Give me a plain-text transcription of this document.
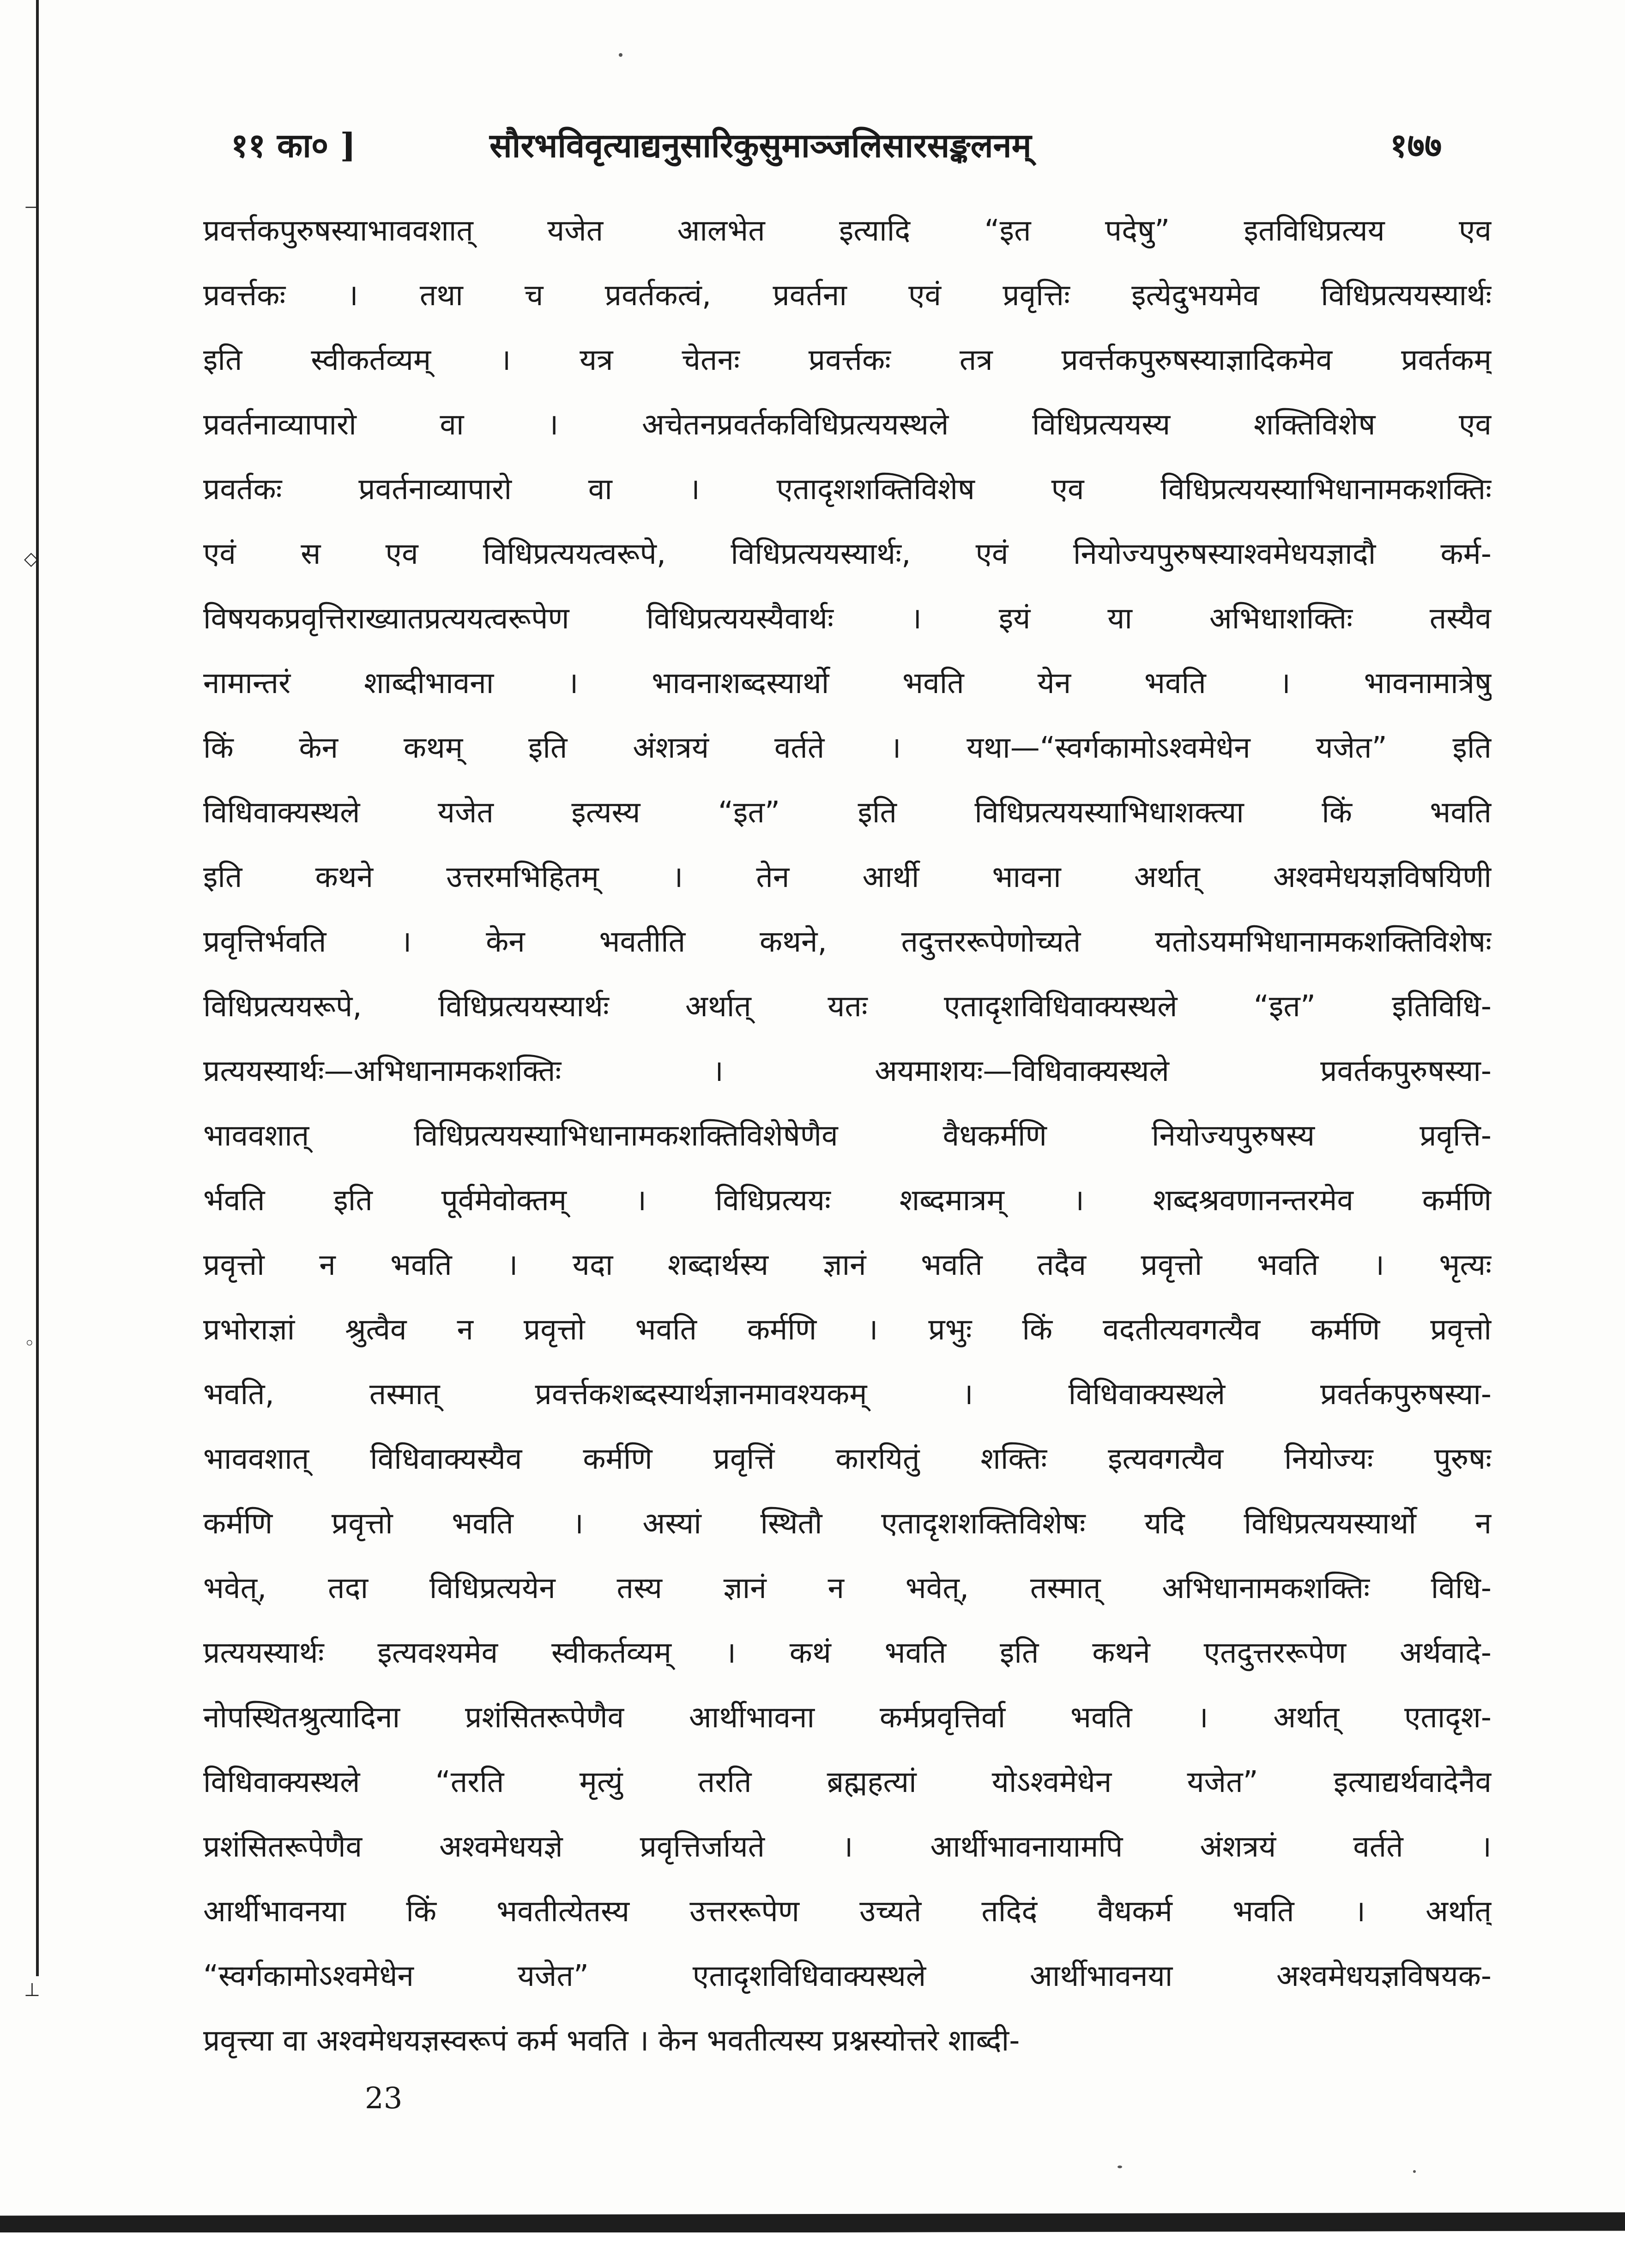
⊣
◇
◦
⊥
११ का० ]	सौरभविवृत्याद्यनुसारिकुसुमाञ्जलिसारसङ्कलनम्	१७७
प्रवर्त्तकपुरुषस्याभाववशात् यजेत आलभेत इत्यादि “इत पदेषु” इतविधिप्रत्यय एव
प्रवर्त्तकः । तथा च प्रवर्तकत्वं, प्रवर्तना एवं प्रवृत्तिः इत्येदुभयमेव विधिप्रत्ययस्यार्थः
इति स्वीकर्तव्यम् । यत्र चेतनः प्रवर्त्तकः तत्र प्रवर्त्तकपुरुषस्याज्ञादिकमेव प्रवर्तकम्
प्रवर्तनाव्यापारो वा । अचेतनप्रवर्तकविधिप्रत्ययस्थले विधिप्रत्ययस्य शक्तिविशेष एव
प्रवर्तकः प्रवर्तनाव्यापारो वा । एतादृशशक्तिविशेष एव विधिप्रत्ययस्याभिधानामकशक्तिः
एवं स एव विधिप्रत्ययत्वरूपे, विधिप्रत्ययस्यार्थः, एवं नियोज्यपुरुषस्याश्वमेधयज्ञादौ कर्म-
विषयकप्रवृत्तिराख्यातप्रत्ययत्वरूपेण विधिप्रत्ययस्यैवार्थः । इयं या अभिधाशक्तिः तस्यैव
नामान्तरं शाब्दीभावना । भावनाशब्दस्यार्थो भवति येन भवति । भावनामात्रेषु
किं केन कथम् इति अंशत्रयं वर्तते । यथा—“स्वर्गकामोऽश्वमेधेन यजेत” इति
विधिवाक्यस्थले यजेत इत्यस्य “इत” इति विधिप्रत्ययस्याभिधाशक्त्या किं भवति
इति कथने उत्तरमभिहितम् । तेन आर्थी भावना अर्थात् अश्वमेधयज्ञविषयिणी
प्रवृत्तिर्भवति । केन भवतीति कथने, तदुत्तररूपेणोच्यते यतोऽयमभिधानामकशक्तिविशेषः
विधिप्रत्ययरूपे, विधिप्रत्ययस्यार्थः अर्थात् यतः एतादृशविधिवाक्यस्थले “इत” इतिविधि-
प्रत्ययस्यार्थः—अभिधानामकशक्तिः । अयमाशयः—विधिवाक्यस्थले प्रवर्तकपुरुषस्या-
भाववशात् विधिप्रत्ययस्याभिधानामकशक्तिविशेषेणैव वैधकर्मणि नियोज्यपुरुषस्य प्रवृत्ति-
र्भवति इति पूर्वमेवोक्तम् । विधिप्रत्ययः शब्दमात्रम् । शब्दश्रवणानन्तरमेव कर्मणि
प्रवृत्तो न भवति । यदा शब्दार्थस्य ज्ञानं भवति तदैव प्रवृत्तो भवति । भृत्यः
प्रभोराज्ञां श्रुत्वैव न प्रवृत्तो भवति कर्मणि । प्रभुः किं वदतीत्यवगत्यैव कर्मणि प्रवृत्तो
भवति, तस्मात् प्रवर्त्तकशब्दस्यार्थज्ञानमावश्यकम् । विधिवाक्यस्थले प्रवर्तकपुरुषस्या-
भाववशात् विधिवाक्यस्यैव कर्मणि प्रवृत्तिं कारयितुं शक्तिः इत्यवगत्यैव नियोज्यः पुरुषः
कर्मणि प्रवृत्तो भवति । अस्यां स्थितौ एतादृशशक्तिविशेषः यदि विधिप्रत्ययस्यार्थो न
भवेत्, तदा विधिप्रत्ययेन तस्य ज्ञानं न भवेत्, तस्मात् अभिधानामकशक्तिः विधि-
प्रत्ययस्यार्थः इत्यवश्यमेव स्वीकर्तव्यम् । कथं भवति इति कथने एतदुत्तररूपेण अर्थवादे-
नोपस्थितश्रुत्यादिना प्रशंसितरूपेणैव आर्थीभावना कर्मप्रवृत्तिर्वा भवति । अर्थात् एतादृश-
विधिवाक्यस्थले “तरति मृत्युं तरति ब्रह्महत्यां योऽश्वमेधेन यजेत” इत्याद्यर्थवादेनैव
प्रशंसितरूपेणैव अश्वमेधयज्ञे प्रवृत्तिर्जायते । आर्थीभावनायामपि अंशत्रयं वर्तते ।
आर्थीभावनया किं भवतीत्येतस्य उत्तररूपेण उच्यते तदिदं वैधकर्म भवति । अर्थात्
“स्वर्गकामोऽश्वमेधेन यजेत” एतादृशविधिवाक्यस्थले आर्थीभावनया अश्वमेधयज्ञविषयक-
प्रवृत्त्या वा अश्वमेधयज्ञस्वरूपं कर्म भवति । केन भवतीत्यस्य प्रश्नस्योत्तरे शाब्दी-
23
